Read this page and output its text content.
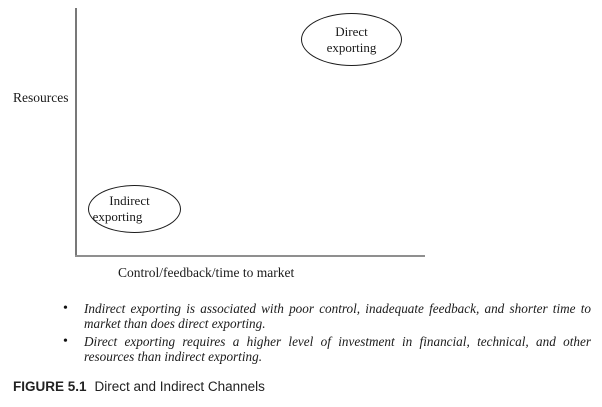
Resources
Control/feedback/time to market
Direct
exporting
Indirect
exporting
•	Indirect exporting is associated with poor control, inadequate feedback, and shorter time to market than does direct exporting.

•	Direct exporting requires a higher level of investment in financial, technical, and other resources than indirect exporting.

FIGURE 5.1 Direct and Indirect Channels
